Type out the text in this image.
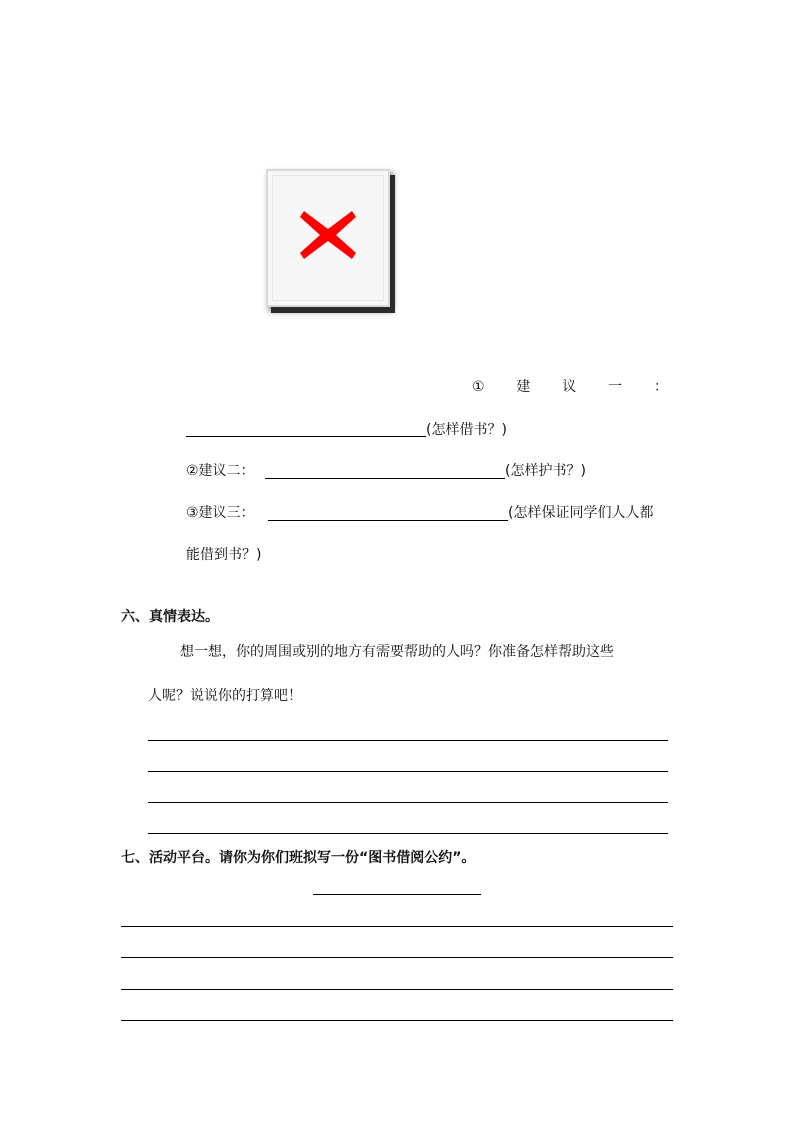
① 建 议 一 ：
(怎样借书？)
②建议二：	(怎样护书？)
③建议三：	(怎样保证同学们人人都
能借到书？)
六、真情表达。
想一想，你的周围或别的地方有需要帮助的人吗？你准备怎样帮助这些
人呢？说说你的打算吧！
七、活动平台。请你为你们班拟写一份“图书借阅公约”。
